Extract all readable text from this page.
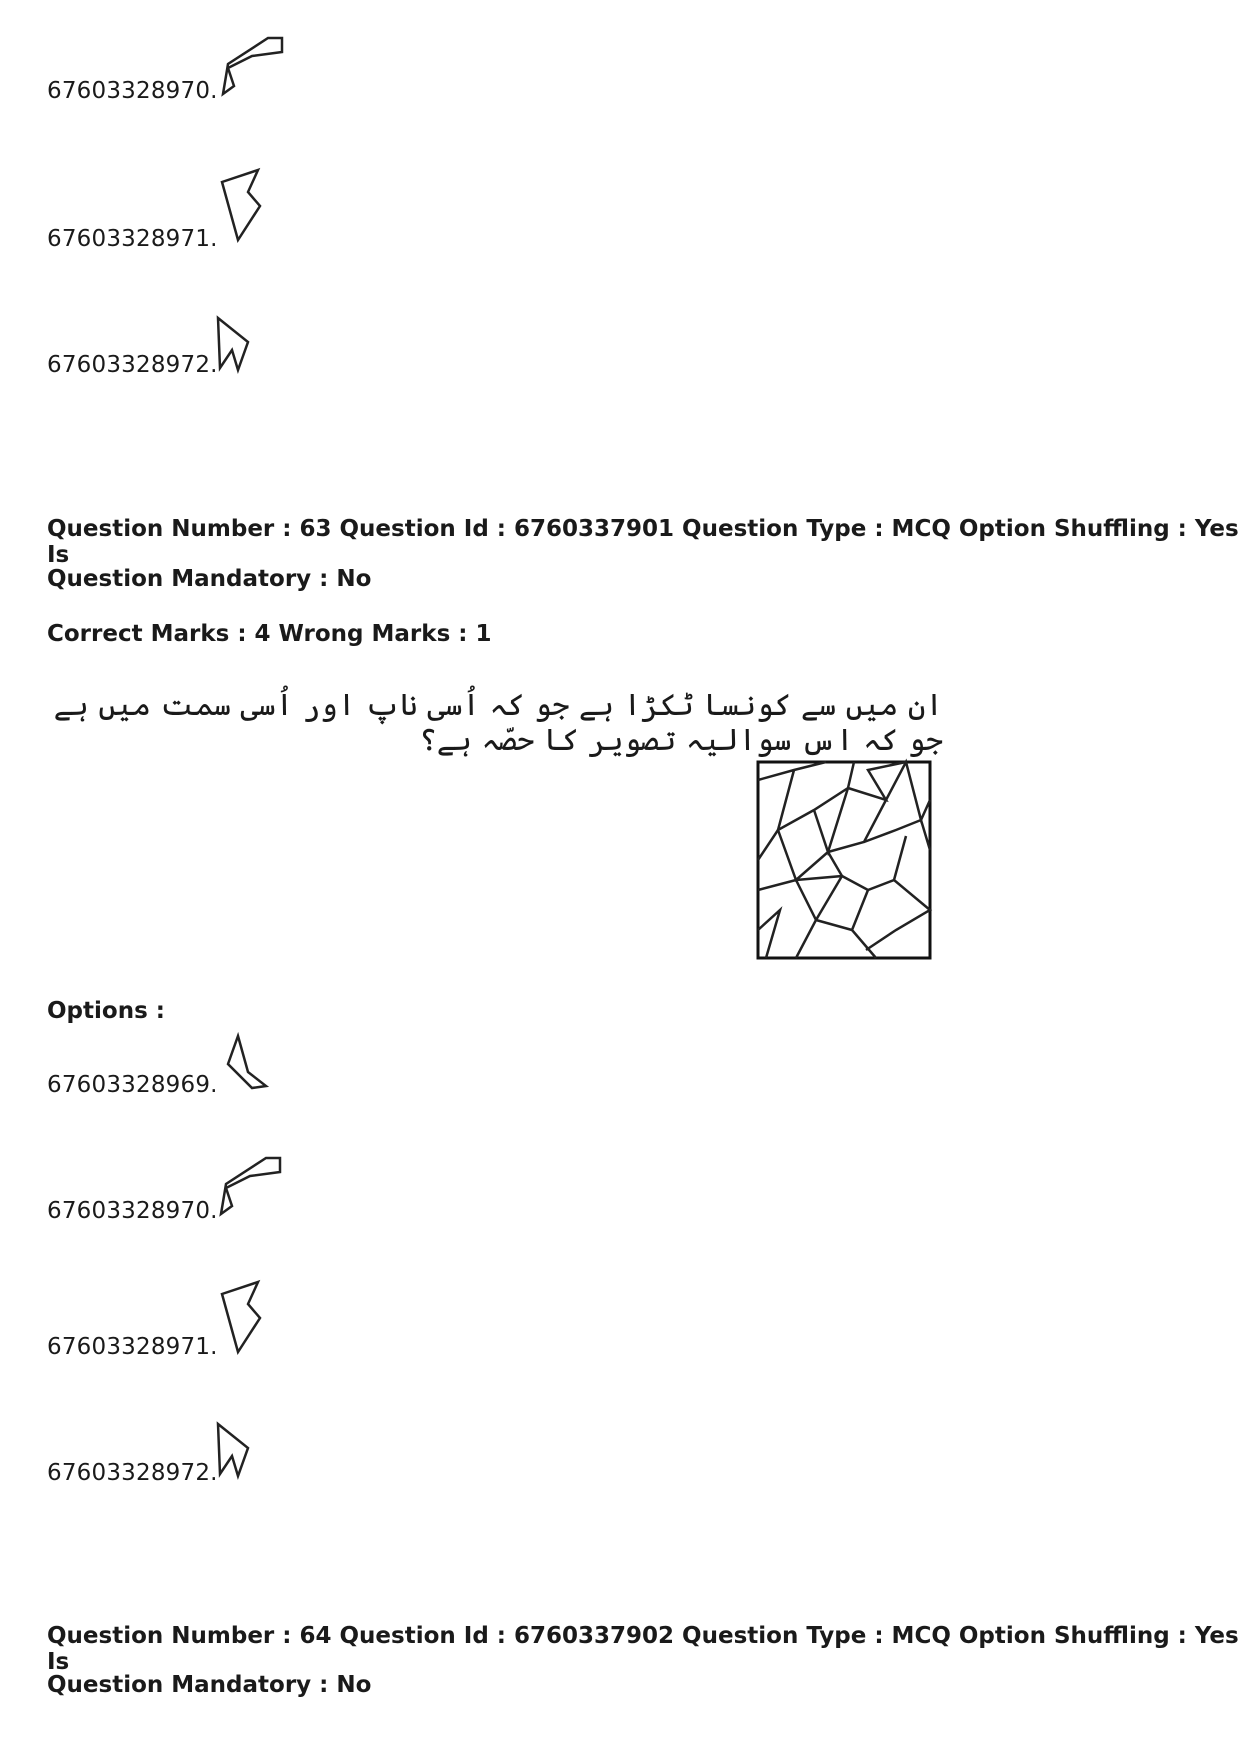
67603328970.
67603328971.
67603328972.
Question Number : 63 Question Id : 6760337901 Question Type : MCQ Option Shuffling : Yes Is
Question Mandatory : No
Correct Marks : 4 Wrong Marks : 1
ان میں سے کونسا ٹکڑا ہے جو کہ اُسی ناپ اور اُسی سمت میں ہے جو کہ اس سوالیہ تصویر کا حصّہ ہے؟
Options :
67603328969.
67603328970.
67603328971.
67603328972.
Question Number : 64 Question Id : 6760337902 Question Type : MCQ Option Shuffling : Yes Is
Question Mandatory : No
